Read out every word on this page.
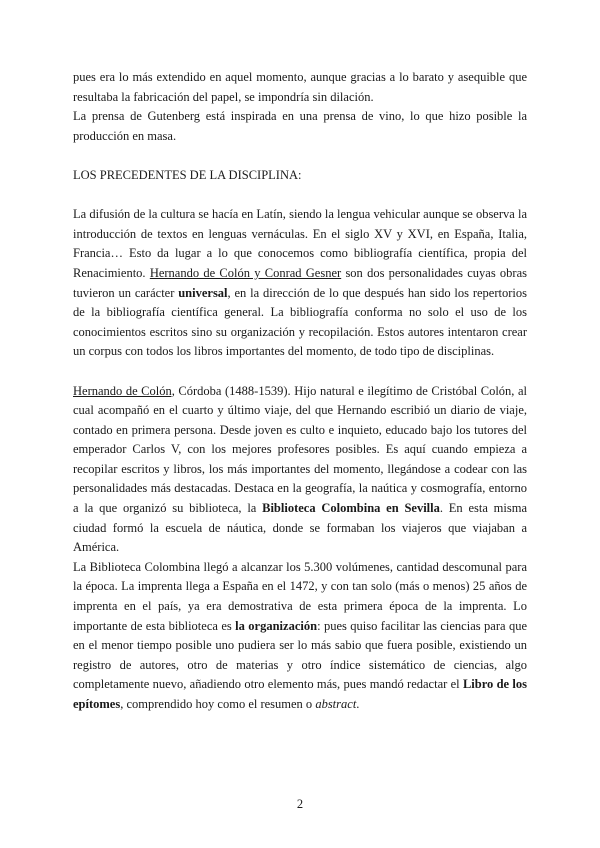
pues era lo más extendido en aquel momento, aunque gracias a lo barato y asequible que resultaba la fabricación del papel, se impondría sin dilación.

La prensa de Gutenberg está inspirada en una prensa de vino, lo que hizo posible la producción en masa.

LOS PRECEDENTES DE LA DISCIPLINA:

La difusión de la cultura se hacía en Latín, siendo la lengua vehicular aunque se observa la introducción de textos en lenguas vernáculas. En el siglo XV y XVI, en España, Italia, Francia… Esto da lugar a lo que conocemos como bibliografía científica, propia del Renacimiento. Hernando de Colón y Conrad Gesner son dos personalidades cuyas obras tuvieron un carácter universal, en la dirección de lo que después han sido los repertorios de la bibliografía científica general. La bibliografía conforma no solo el uso de los conocimientos escritos sino su organización y recopilación. Estos autores intentaron crear un corpus con todos los libros importantes del momento, de todo tipo de disciplinas.

Hernando de Colón, Córdoba (1488-1539). Hijo natural e ilegítimo de Cristóbal Colón, al cual acompañó en el cuarto y último viaje, del que Hernando escribió un diario de viaje, contado en primera persona. Desde joven es culto e inquieto, educado bajo los tutores del emperador Carlos V, con los mejores profesores posibles. Es aquí cuando empieza a recopilar escritos y libros, los más importantes del momento, llegándose a codear con las personalidades más destacadas. Destaca en la geografía, la naútica y cosmografía, entorno a la que organizó su biblioteca, la Biblioteca Colombina en Sevilla. En esta misma ciudad formó la escuela de náutica, donde se formaban los viajeros que viajaban a América.

La Biblioteca Colombina llegó a alcanzar los 5.300 volúmenes, cantidad descomunal para la época. La imprenta llega a España en el 1472, y con tan solo (más o menos) 25 años de imprenta en el país, ya era demostrativa de esta primera época de la imprenta. Lo importante de esta biblioteca es la organización: pues quiso facilitar las ciencias para que en el menor tiempo posible uno pudiera ser lo más sabio que fuera posible, existiendo un registro de autores, otro de materias y otro índice sistemático de ciencias, algo completamente nuevo, añadiendo otro elemento más, pues mandó redactar el Libro de los epítomes, comprendido hoy como el resumen o abstract.

2
